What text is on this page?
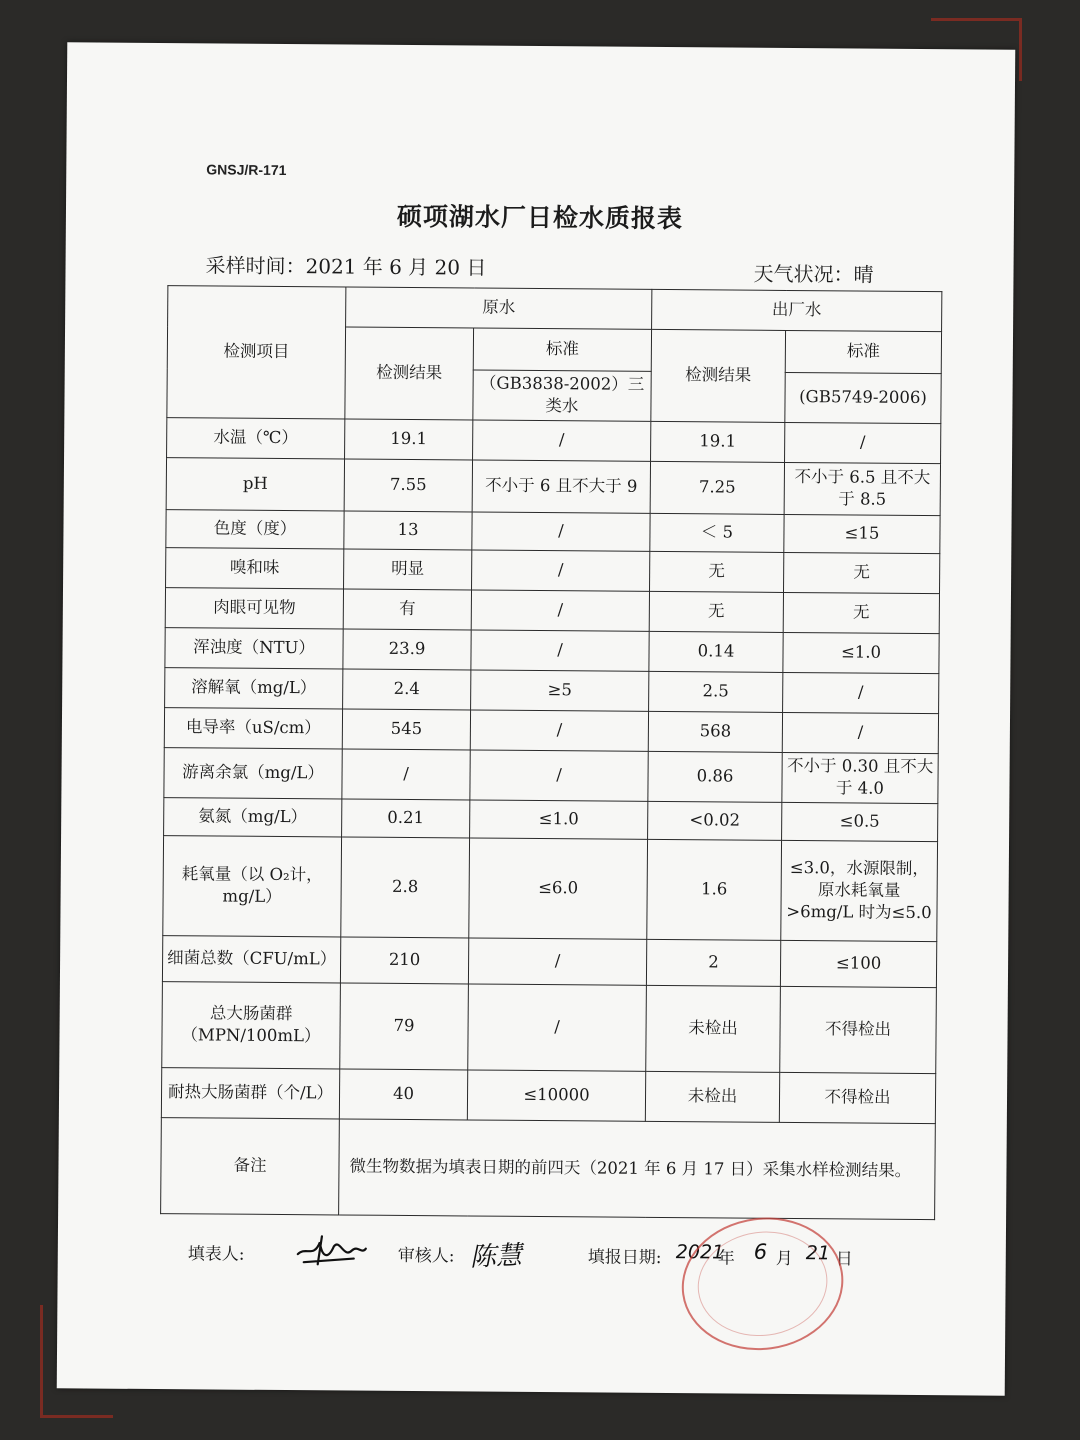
GNSJ/R-171
硕项湖水厂日检水质报表
采样时间：2021 年 6 月 20 日	天气状况：晴
检测项目	原水		出厂水	
	检测结果	标准	检测结果	标准
		（GB3838-2002）三类水		(GB5749-2006)
水温（℃）	19.1	/	19.1	/
pH	7.55	不小于 6 且不大于 9	7.25	不小于 6.5 且不大于 8.5
色度（度）	13	/	＜ 5	≤15
嗅和味	明显	/	无	无
肉眼可见物	有	/	无	无
浑浊度（NTU）	23.9	/	0.14	≤1.0
溶解氧（mg/L）	2.4	≥5	2.5	/
电导率（uS/cm）	545	/	568	/
游离余氯（mg/L）	/	/	0.86	不小于 0.30 且不大于 4.0
氨氮（mg/L）	0.21	≤1.0	<0.02	≤0.5
耗氧量（以 O₂计，mg/L）	2.8	≤6.0	1.6	≤3.0，水源限制，原水耗氧量>6mg/L 时为≤5.0
细菌总数（CFU/mL）	210	/	2	≤100
总大肠菌群（MPN/100mL）	79	/	未检出	不得检出
耐热大肠菌群（个/L）	40	≤10000	未检出	不得检出
备注	微生物数据为填表日期的前四天（2021 年 6 月 17 日）采集水样检测结果。			
填表人:	审核人: 陈慧	填报日期: 2021
年 6 月 21 日
